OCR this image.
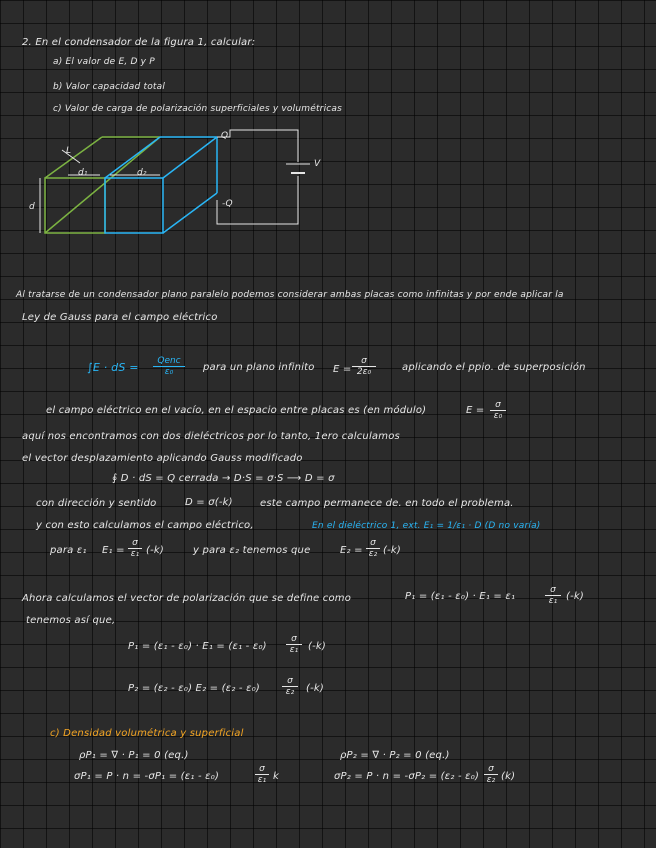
2. En el condensador de la figura 1, calcular:
a) El valor de E, D y P
b) Valor capacidad total
c) Valor de carga de polarización superficiales y volumétricas
L
d₁	d₂
d
Q
-Q
V
Al tratarse de un condensador plano paralelo podemos considerar ambas placas como infinitas y por ende aplicar la
Ley de Gauss para el campo eléctrico
∫E · dS =	Qenc
ε₀	para un plano infinito $E = \frac{\sigma}{\text{2ε₀}}$	aplicando el ppio. de superposición
el campo eléctrico en el vacío, en el espacio entre placas es (en módulo)	$E = \frac{\sigma}{\text{ε₀}}$
aquí nos encontramos con dos dieléctricos por lo tanto, 1ero calculamos
el vector desplazamiento aplicando Gauss modificado
∮ D · dS = Q cerrada → D·S = σ·S ⟶ D = σ
con dirección y sentido	D = σ(-k)	este campo permanece de. en todo el problema.
y con esto calculamos el campo eléctrico,	En el dieléctrico 1, ext. E₁ = 1/ε₁ · D (D no varía)
para ε₁ $E_1 = \frac{\sigma}{\text{ε₁}} (-k)$	y para ε₂ tenemos que	$E_2 = \frac{\sigma}{\text{ε₂}} (-k)$
Ahora calculamos el vector de polarización que se define como	P₁ = (ε₁ - ε₀) · E₁ = ε₁	$\frac{\sigma}{\text{ε₁}} (-k)$
tenemos así que,
$P_1 = (\varepsilon_1 - \varepsilon_0) \cdot E_1 = (\varepsilon_1 - \varepsilon_0) \frac{\sigma}{\text{ε₁}} (-k)$
P₂ = (ε₂ - ε₀) $E_2 = (\varepsilon_2 - \varepsilon_0) \frac{\sigma}{\text{ε₂}} (-k)$
c) Densidad volumétrica y superficial
ρP₁ = ∇ · P₁ = 0 (eq.)
σP₁ = P · n = -σP₁ = (ε₁ - ε₀)	$\frac{\sigma}{\text{ε₁}}$ k
ρP₂ = ∇ · P₂ = 0 (eq.)
$\sigma P_2 = P \cdot n = -\sigma P_2 = (\varepsilon_2 - \varepsilon_0) \frac{\sigma}{\text{ε₂}} (k)$
